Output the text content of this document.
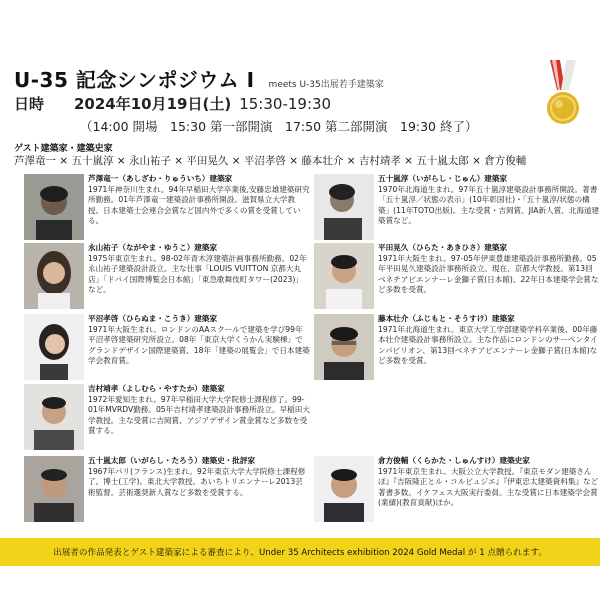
U-35 記念シンポジウム Ⅰ meets U-35出展若手建築家
日時	2024年10月19日(土) 15:30-19:30
（14:00 開場　15:30 第一部開演　17:50 第二部開演　19:30 終了）
ゲスト建築家・建築史家
芦澤竜一 × 五十嵐淳 × 永山祐子 × 平田晃久 × 平沼孝啓 × 藤本壮介 × 吉村靖孝 × 五十嵐太郎 × 倉方俊輔
芦澤竜一（あしざわ・りゅういち）建築家
1971年神奈川生まれ。94年早稲田大学卒業後,安藤忠雄建築研究所勤務。01年芦澤竜一建築設計事務所開設。滋賀県立大学教授。日本建築士会連合会賞など国内外で多くの賞を受賞している。
五十嵐淳（いがらし・じゅん）建築家
1970年北海道生まれ。97年五十嵐淳建築設計事務所開設。著書「五十嵐淳／状態の表示」(10年彰国社)・「五十嵐淳/状態の構築」(11年TOTO出版)。主な受賞・吉岡賞、JIA新人賞、北海道建築賞など。
永山祐子（ながやま・ゆうこ）建築家
1975年東京生まれ。98-02年青木淳建築計画事務所勤務。02年永山祐子建築設計設立。主な仕事「LOUIS VUITTON 京都大丸店」「ドバイ国際博覧会日本館」「東急歌舞伎町タワー(2023)」など。
平田晃久（ひらた・あきひさ）建築家
1971年大阪生まれ。97-05年伊東豊雄建築設計事務所勤務。05年平田晃久建築設計事務所設立。現在、京都大学教授。第13回ベネチアビエンナーレ金獅子賞(日本館)、22年日本建築学会賞など多数を受賞。
平沼孝啓（ひらぬま・こうき）建築家
1971年大阪生まれ。ロンドンのAAスクールで建築を学び99年平沼孝啓建築研究所設立。08年「東京大学くうかん実験棟」でグランドデザイン国際建築賞、18年「建築の展覧会」で日本建築学会教育賞。
藤本壮介（ふじもと・そうすけ）建築家
1971年北海道生まれ。東京大学工学部建築学科卒業後、00年藤本壮介建築設計事務所設立。主な作品にロンドンのサーペンタインパビリオン、第13回ベネチアビエンナーレ金獅子賞(日本館)など多数を受賞。
吉村靖孝（よしむら・やすたか）建築家
1972年愛知生まれ。97年早稲田大学大学院修士課程修了。99-01年MVRDV勤務。05年吉村靖孝建築設計事務所設立。早稲田大学教授。主な受賞に吉岡賞、アジアデザイン賞金賞など多数を受賞する。
五十嵐太郎（いがらし・たろう）建築史・批評家
1967年パリ(フランス)生まれ。92年東京大学大学院修士課程修了。博士(工学)。東北大学教授。あいちトリエンナーレ2013芸術監督。芸術選奨新人賞など多数を受賞する。
倉方俊輔（くらかた・しゅんすけ）建築史家
1971年東京生まれ。大阪公立大学教授。『東京モダン建築さんぽ』『吉阪隆正とル・コルビュジエ』『伊東忠太建築資料集』など著書多数。イケフェス大阪実行委員。主な受賞に日本建築学会賞(業績)(教育貢献)ほか。
出展者の作品発表とゲスト建築家による審査により、Under 35 Architects exhibition 2024 Gold Medal が 1 点贈られます。
